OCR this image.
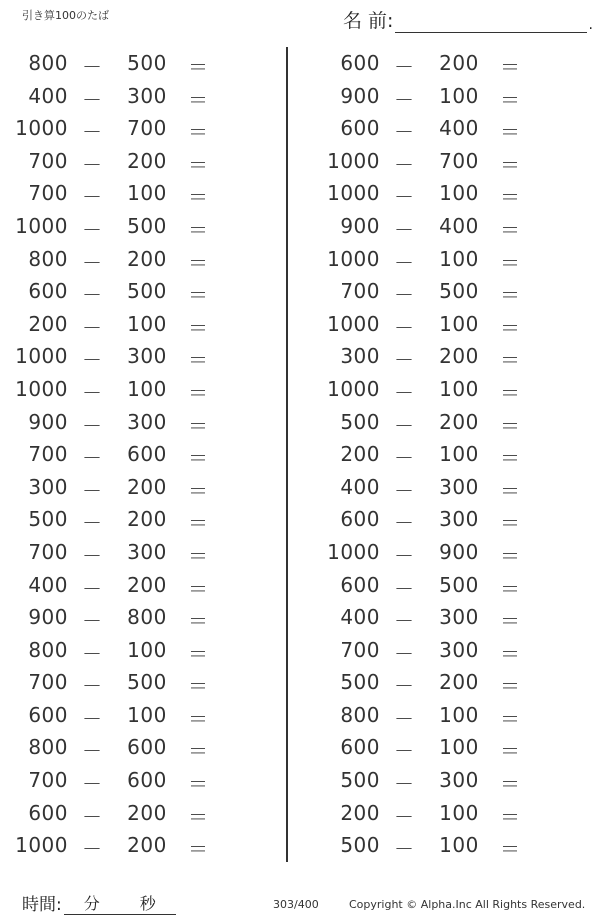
引き算100のたば	名 前:	.
800 －	500	＝
400 －	300	＝
1000 －	700	＝
700 －	200	＝
700 －	100	＝
1000 －	500	＝
800 －	200	＝
600 －	500	＝
200 －	100	＝
1000 －	300	＝
1000 －	100	＝
900 －	300	＝
700 －	600	＝
300 －	200	＝
500 －	200	＝
700 －	300	＝
400 －	200	＝
900 －	800	＝
800 －	100	＝
700 －	500	＝
600 －	100	＝
800 －	600	＝
700 －	600	＝
600 －	200	＝
1000 －	200	＝
600 －	200	＝
900 －	100	＝
600 －	400	＝
1000 －	700	＝
1000 －	100	＝
900 －	400	＝
1000 －	100	＝
700 －	500	＝
1000 －	100	＝
300 －	200	＝
1000 －	100	＝
500 －	200	＝
200 －	100	＝
400 －	300	＝
600 －	300	＝
1000 －	900	＝
600 －	500	＝
400 －	300	＝
700 －	300	＝
500 －	200	＝
800 －	100	＝
600 －	100	＝
500 －	300	＝
200 －	100	＝
500 －	100	＝
時間: 分 秒	303/400	Copyright © Alpha.Inc All Rights Reserved.
